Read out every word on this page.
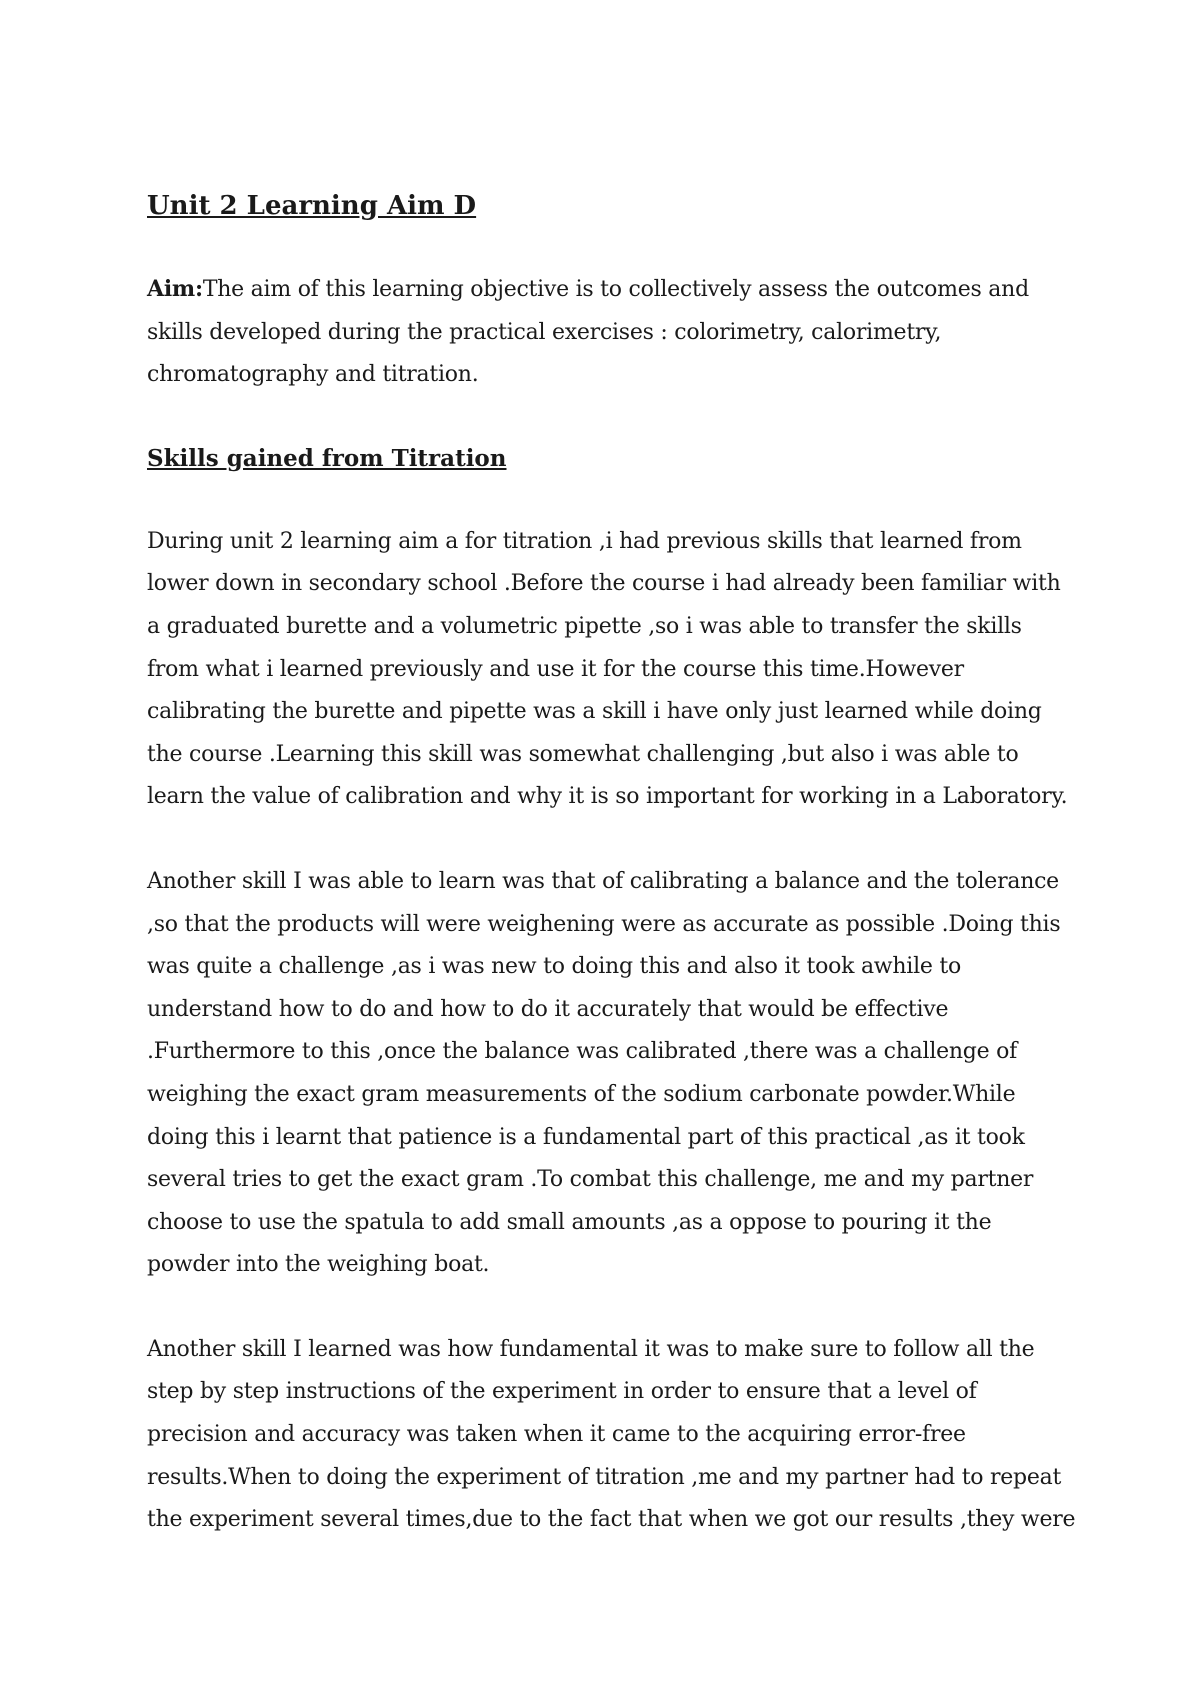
Unit 2 Learning Aim D

Aim:The aim of this learning objective is to collectively assess the outcomes and skills developed during the practical exercises : colorimetry, calorimetry, chromatography and titration.

Skills gained from Titration

During unit 2 learning aim a for titration ,i had previous skills that learned from lower down in secondary school .Before the course i had already been familiar with a graduated burette and a volumetric pipette ,so i was able to transfer the skills from what i learned previously and use it for the course this time.However calibrating the burette and pipette was a skill i have only just learned while doing the course .Learning this skill was somewhat challenging ,but also i was able to learn the value of calibration and why it is so important for working in a Laboratory.

Another skill I was able to learn was that of calibrating a balance and the tolerance ,so that the products will were weighening were as accurate as possible .Doing this was quite a challenge ,as i was new to doing this and also it took awhile to understand how to do and how to do it accurately that would be effective .Furthermore to this ,once the balance was calibrated ,there was a challenge of weighing the exact gram measurements of the sodium carbonate powder.While doing this i learnt that patience is a fundamental part of this practical ,as it took several tries to get the exact gram .To combat this challenge, me and my partner choose to use the spatula to add small amounts ,as a oppose to pouring it the powder into the weighing boat.

Another skill I learned was how fundamental it was to make sure to follow all the step by step instructions of the experiment in order to ensure that a level of precision and accuracy was taken when it came to the acquiring error-free results.When to doing the experiment of titration ,me and my partner had to repeat the experiment several times,due to the fact that when we got our results ,they were
